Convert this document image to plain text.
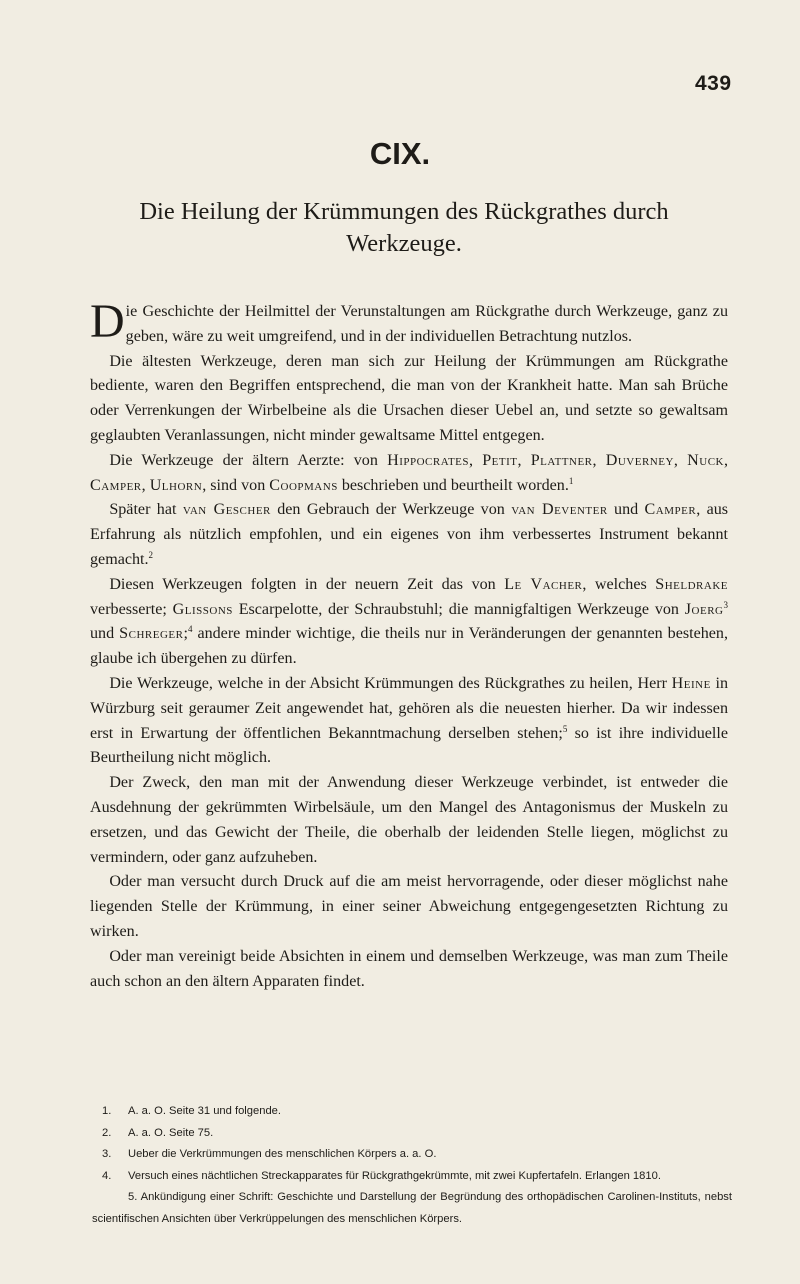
439
CIX.
Die Heilung der Krümmungen des Rückgrathes durch
Werkzeuge.

Die Geschichte der Heilmittel der Verunstaltungen am Rückgrathe durch Werkzeuge, ganz zu geben, wäre zu weit umgreifend, und in der individuellen Betrachtung nutzlos.

Die ältesten Werkzeuge, deren man sich zur Heilung der Krümmungen am Rückgrathe bediente, waren den Begriffen entsprechend, die man von der Krankheit hatte. Man sah Brüche oder Verrenkungen der Wirbelbeine als die Ursachen dieser Uebel an, und setzte so gewaltsam geglaubten Veranlassungen, nicht minder gewaltsame Mittel entgegen.

Die Werkzeuge der ältern Aerzte: von Hippocrates, Petit, Plattner, Duverney, Nuck, Camper, Ulhorn, sind von Coopmans beschrieben und beurtheilt worden.$^1$

Später hat van Gescher den Gebrauch der Werkzeuge von van Deventer und Camper, aus Erfahrung als nützlich empfohlen, und ein eigenes von ihm verbessertes Instrument bekannt gemacht.$^2$

Diesen Werkzeugen folgten in der neuern Zeit das von Le Vacher, welches Sheldrake verbesserte; Glissons Escarpelotte, der Schraubstuhl; die mannigfaltigen Werkzeuge von Joerg$^3$ und Schreger;$^4$ andere minder wichtige, die theils nur in Veränderungen der genannten bestehen, glaube ich übergehen zu dürfen.

Die Werkzeuge, welche in der Absicht Krümmungen des Rückgrathes zu heilen, Herr Heine in Würzburg seit geraumer Zeit angewendet hat, gehören als die neuesten hierher. Da wir indessen erst in Erwartung der öffentlichen Bekanntmachung derselben stehen;$^5$ so ist ihre individuelle Beurtheilung nicht möglich.

Der Zweck, den man mit der Anwendung dieser Werkzeuge verbindet, ist entweder die Ausdehnung der gekrümmten Wirbelsäule, um den Mangel des Antagonismus der Muskeln zu ersetzen, und das Gewicht der Theile, die oberhalb der leidenden Stelle liegen, möglichst zu vermindern, oder ganz aufzuheben.

Oder man versucht durch Druck auf die am meist hervorragende, oder dieser möglichst nahe liegenden Stelle der Krümmung, in einer seiner Abweichung entgegengesetzten Richtung zu wirken.

Oder man vereinigt beide Absichten in einem und demselben Werkzeuge, was man zum Theile auch schon an den ältern Apparaten findet.

1.	A. a. O. Seite 31 und folgende.
2.	A. a. O. Seite 75.
3.	Ueber die Verkrümmungen des menschlichen Körpers a. a. O.
4.	Versuch eines nächtlichen Streckapparates für Rückgrathgekrümmte, mit zwei Kupfertafeln. Erlangen 1810.
5. Ankündigung einer Schrift: Geschichte und Darstellung der Begründung des orthopädischen Carolinen-Instituts, nebst scientifischen Ansichten über Verkrüppelungen des menschlichen Körpers.
